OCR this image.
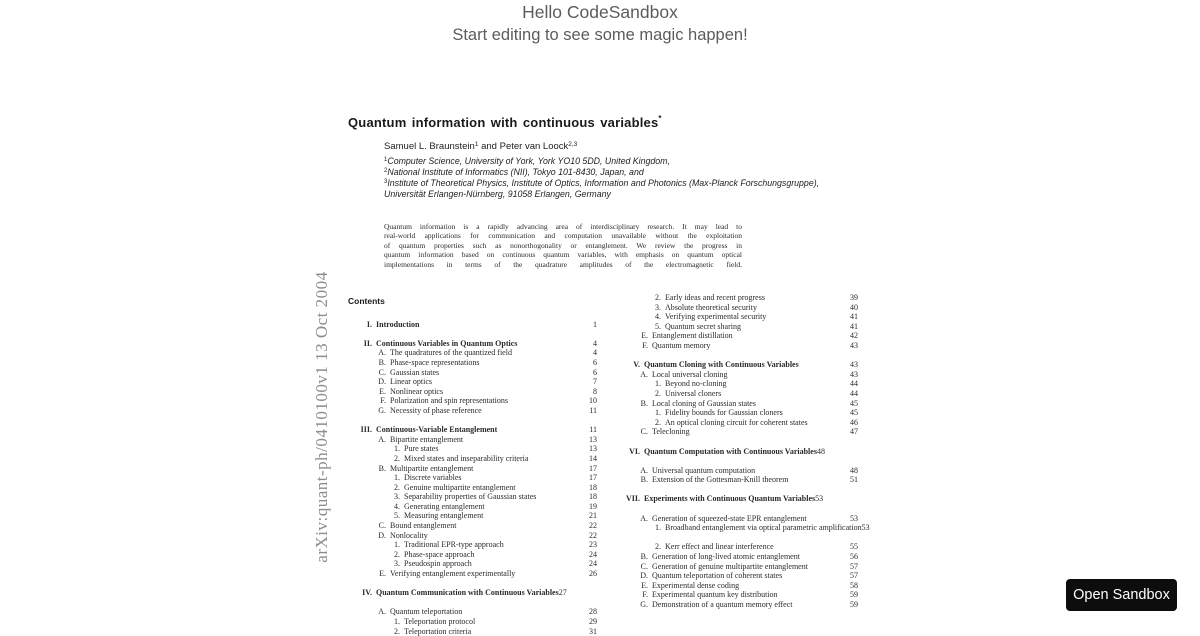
Hello CodeSandbox
Start editing to see some magic happen!
Quantum information with continuous variables*
Samuel L. Braunstein$^1$ and Peter van Loock$^{2,3}$
$^1$Computer Science, University of York, York YO10 5DD, United Kingdom,
$^2$National Institute of Informatics (NII), Tokyo 101-8430, Japan, and
$^3$Institute of Theoretical Physics, Institute of Optics, Information and Photonics (Max-Planck Forschungsgruppe),
Universität Erlangen-Nürnberg, 91058 Erlangen, Germany
Quantum information is a rapidly advancing area of interdisciplinary research. It may lead to
real-world applications for communication and computation unavailable without the exploitation
of quantum properties such as nonorthogonality or entanglement. We review the progress in
quantum information based on continuous quantum variables, with emphasis on quantum optical
implementations in terms of the quadrature amplitudes of the electromagnetic field.
Contents
I. Introduction	1
II. Continuous Variables in Quantum Optics	4
A. The quadratures of the quantized field	4
B. Phase-space representations	6
C. Gaussian states	6
D. Linear optics	7
E. Nonlinear optics	8
F. Polarization and spin representations	10
G. Necessity of phase reference	11
III. Continuous-Variable Entanglement	11
A. Bipartite entanglement	13
1. Pure states	13
2. Mixed states and inseparability criteria	14
B. Multipartite entanglement	17
1. Discrete variables	17
2. Genuine multipartite entanglement	18
3. Separability properties of Gaussian states	18
4. Generating entanglement	19
5. Measuring entanglement	21
C. Bound entanglement	22
D. Nonlocality	22
1. Traditional EPR-type approach	23
2. Phase-space approach	24
3. Pseudospin approach	24
E. Verifying entanglement experimentally	26
IV. Quantum Communication with Continuous Variables 27
A. Quantum teleportation	28
1. Teleportation protocol	29
2. Teleportation criteria	31
2. Early ideas and recent progress	39
3. Absolute theoretical security	40
4. Verifying experimental security	41
5. Quantum secret sharing	41
E. Entanglement distillation	42
F. Quantum memory	43
V. Quantum Cloning with Continuous Variables	43
A. Local universal cloning	43
1. Beyond no-cloning	44
2. Universal cloners	44
B. Local cloning of Gaussian states	45
1. Fidelity bounds for Gaussian cloners	45
2. An optical cloning circuit for coherent states	46
C. Telecloning	47
VI. Quantum Computation with Continuous Variables 48
A. Universal quantum computation	48
B. Extension of the Gottesman-Knill theorem	51
VII. Experiments with Continuous Quantum Variables 53
A. Generation of squeezed-state EPR entanglement	53
1. Broadband entanglement via optical parametric amplification 53
2. Kerr effect and linear interference	55
B. Generation of long-lived atomic entanglement	56
C. Generation of genuine multipartite entanglement	57
D. Quantum teleportation of coherent states	57
E. Experimental dense coding	58
F. Experimental quantum key distribution	59
G. Demonstration of a quantum memory effect	59
arXiv:quant-ph/0410100v1 13 Oct 2004
Open Sandbox
